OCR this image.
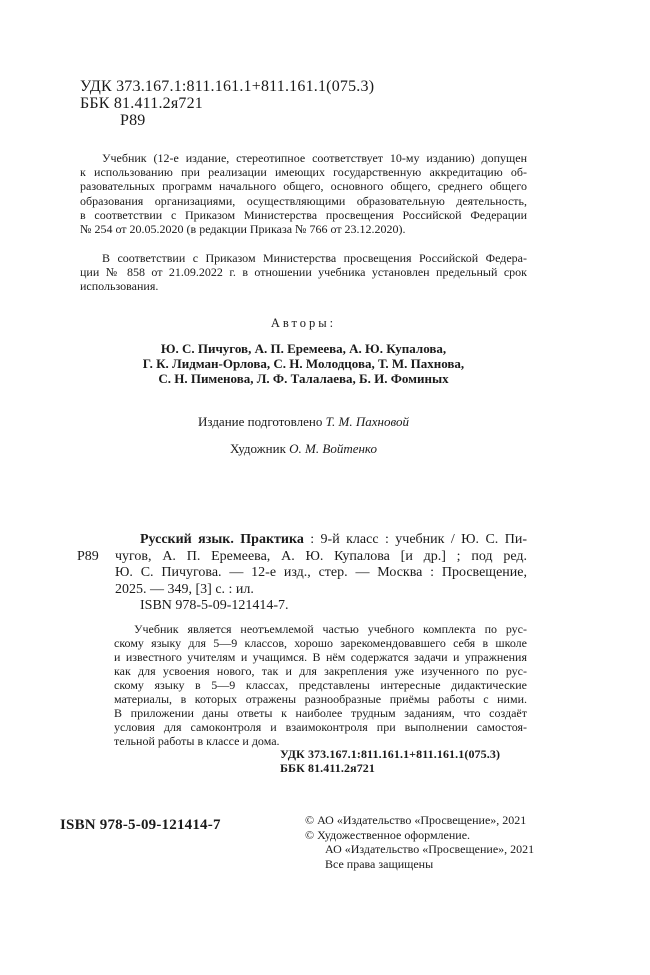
УДК 373.167.1:811.161.1+811.161.1(075.3)
ББК 81.411.2я721
Р89
Учебник (12-е издание, стереотипное соответствует 10-му изданию) допущен
к использованию при реализации имеющих государственную аккредитацию об-
разовательных программ начального общего, основного общего, среднего общего
образования организациями, осуществляющими образовательную деятельность,
в соответствии с Приказом Министерства просвещения Российской Федерации
№ 254 от 20.05.2020 (в редакции Приказа № 766 от 23.12.2020).
В соответствии с Приказом Министерства просвещения Российской Федера-
ции № 858 от 21.09.2022 г. в отношении учебника установлен предельный срок
использования.
Авторы:
Ю. С. Пичугов, А. П. Еремеева, А. Ю. Купалова,
Г. К. Лидман-Орлова, С. Н. Молодцова, Т. М. Пахнова,
С. Н. Пименова, Л. Ф. Талалаева, Б. И. Фоминых
Издание подготовлено Т. М. Пахновой
Художник О. М. Войтенко
Р89
Русский язык. Практика : 9-й класс : учебник / Ю. С. Пи-
чугов, А. П. Еремеева, А. Ю. Купалова [и др.] ; под ред.
Ю. С. Пичугова. — 12-е изд., стер. — Москва : Просвещение,
2025. — 349, [3] с. : ил.
ISBN 978-5-09-121414-7.
Учебник является неотъемлемой частью учебного комплекта по рус-
скому языку для 5—9 классов, хорошо зарекомендовавшего себя в школе
и известного учителям и учащимся. В нём содержатся задачи и упражнения
как для усвоения нового, так и для закрепления уже изученного по рус-
скому языку в 5—9 классах, представлены интересные дидактические
материалы, в которых отражены разнообразные приёмы работы с ними.
В приложении даны ответы к наиболее трудным заданиям, что создаёт
условия для самоконтроля и взаимоконтроля при выполнении самостоя-
тельной работы в классе и дома.
УДК 373.167.1:811.161.1+811.161.1(075.3)
ББК 81.411.2я721
ISBN 978-5-09-121414-7	© АО «Издательство «Просвещение», 2021
© Художественное оформление.
АО «Издательство «Просвещение», 2021
Все права защищены
